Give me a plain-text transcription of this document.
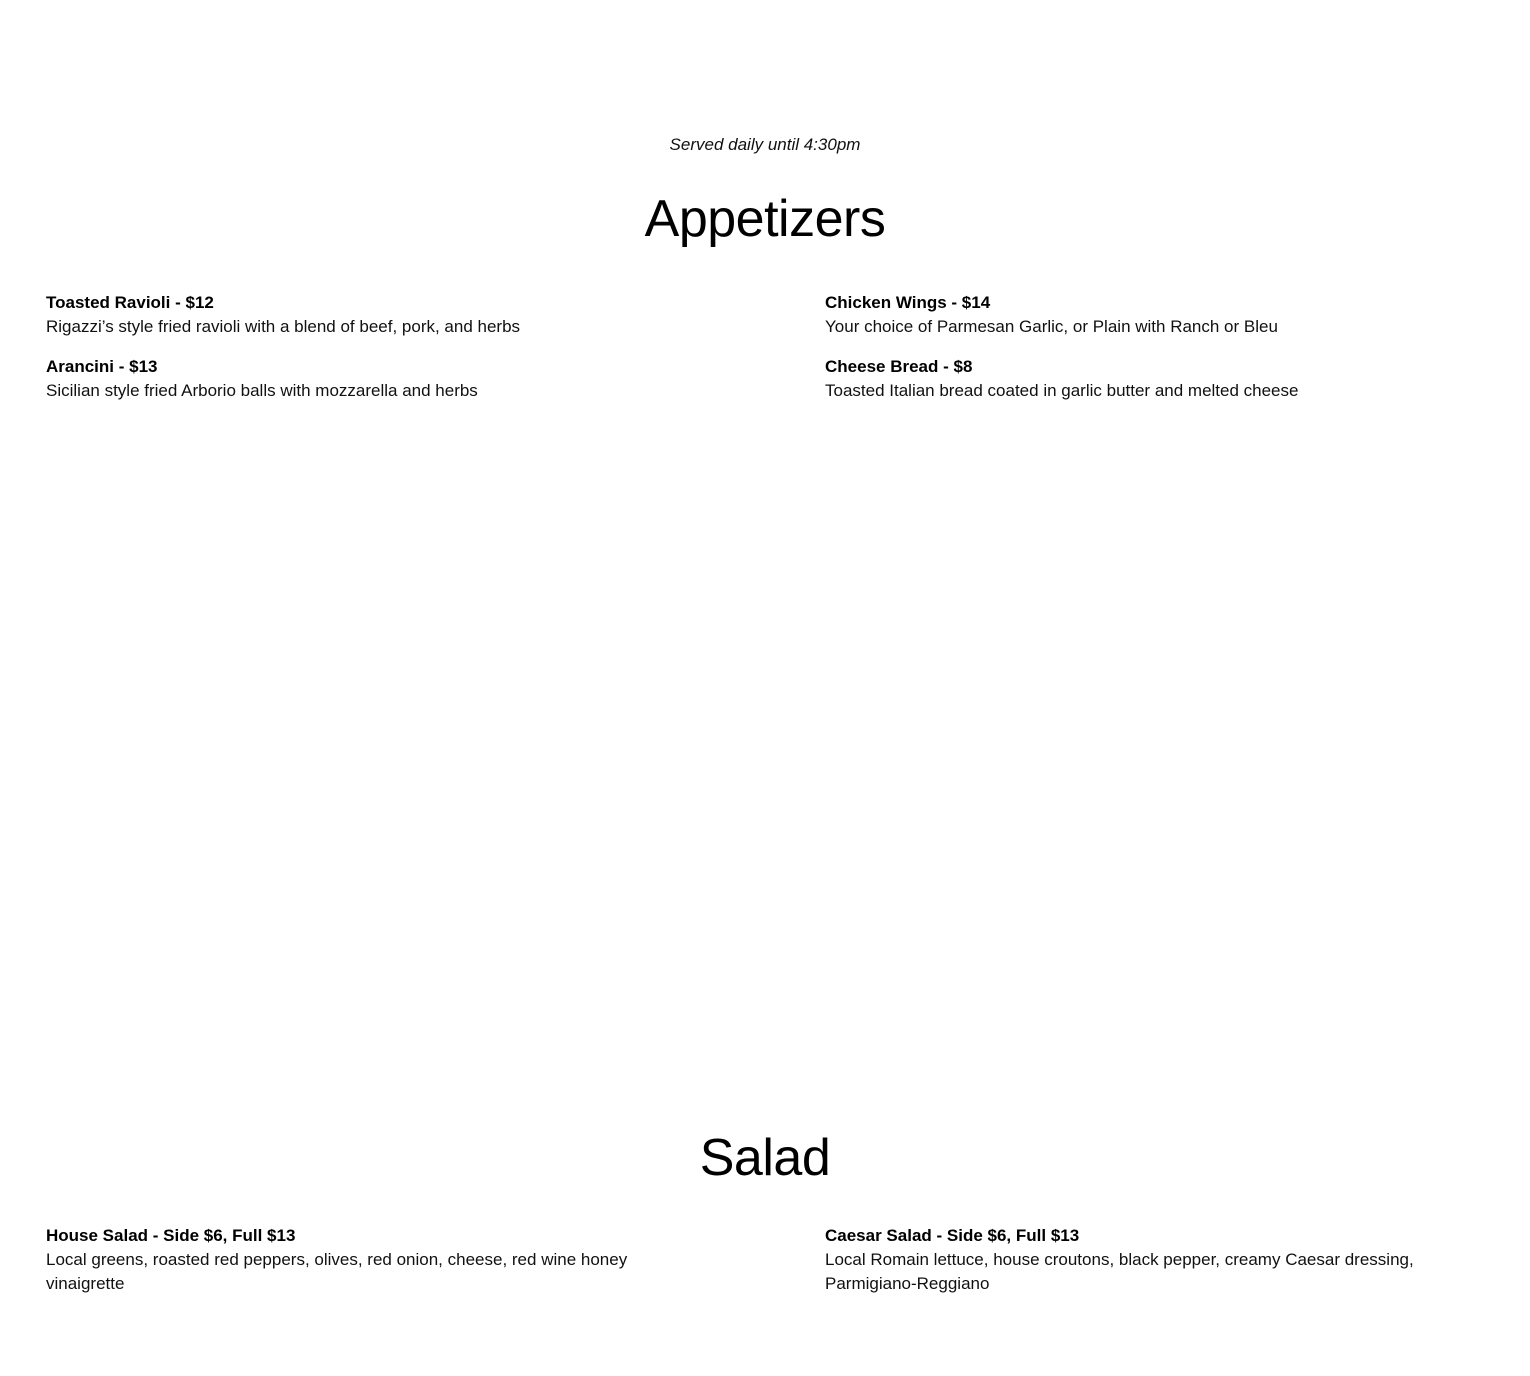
Served daily until 4:30pm
Appetizers
Toasted Ravioli - $12
Rigazzi’s style fried ravioli with a blend of beef, pork, and herbs
Chicken Wings - $14
Your choice of Parmesan Garlic, or Plain with Ranch or Bleu
Arancini - $13
Sicilian style fried Arborio balls with mozzarella and herbs
Cheese Bread - $8
Toasted Italian bread coated in garlic butter and melted cheese
Salad
House Salad - Side $6, Full $13
Local greens, roasted red peppers, olives, red onion, cheese, red wine honey vinaigrette
Caesar Salad - Side $6, Full $13
Local Romain lettuce, house croutons, black pepper, creamy Caesar dressing, Parmigiano-Reggiano
